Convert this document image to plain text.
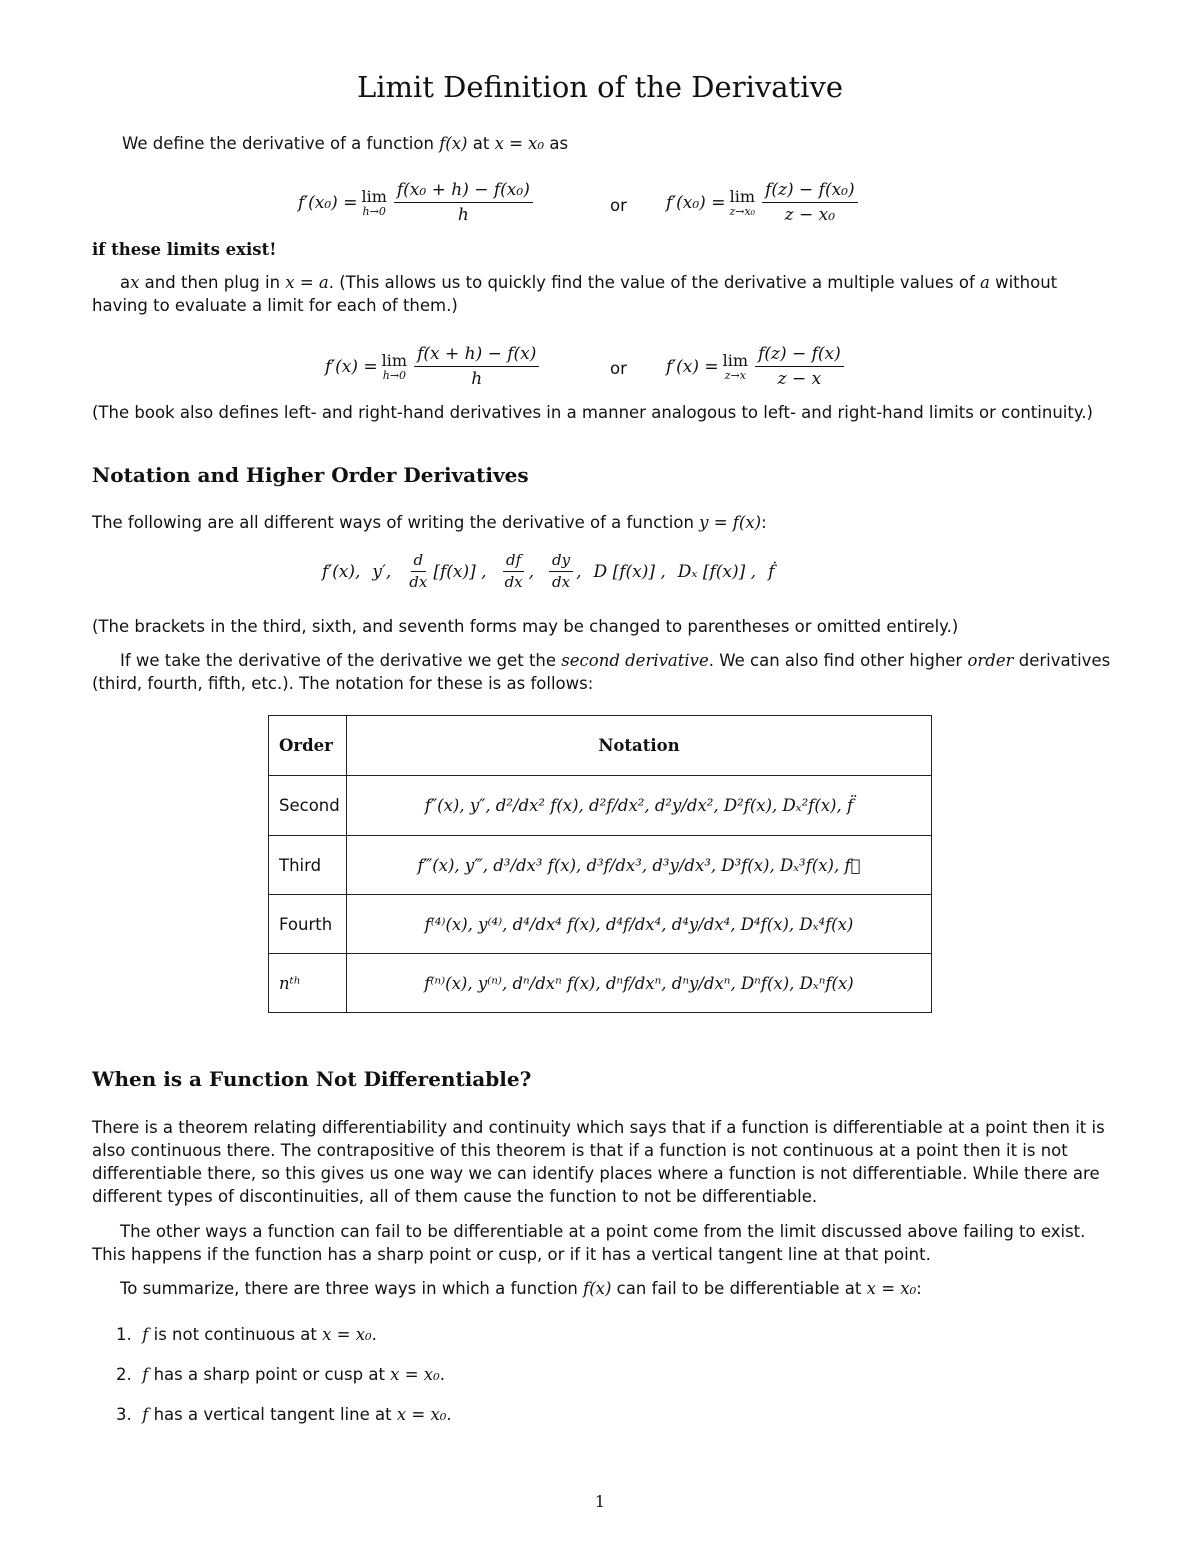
Limit Definition of the Derivative
We define the derivative of a function f(x) at x = x₀ as
f′(x₀) = lim
$h\to 0 \frac{\text{f(x₀ + h) − f(x₀)}}{h}$	or f′(x₀) = lim
$z\to x_0 \frac{\text{f(z) − f(x₀)}}{\text{z − x₀}}$
if these limits exist!
ax and then plug in x = a. (This allows us to quickly find the value of the derivative a multiple values of a without having to evaluate a limit for each of them.)
f′(x) = lim
$h\to 0 \frac{f(x + h) - f(x)}{h}$	or f′(x) = lim
$z\to x \frac{f(z) - f(x)}{z - x}$
(The book also defines left- and right-hand derivatives in a manner analogous to left- and right-hand limits or continuity.)
Notation and Higher Order Derivatives
The following are all different ways of writing the derivative of a function y = f(x):
f′(x), y′, $\frac{d}{dx} [f(x)]$ , $\frac{df}{dx}$ , $\frac{dy}{dx}$ , D [f(x)] , Dₓ [f(x)] , ḟ
(The brackets in the third, sixth, and seventh forms may be changed to parentheses or omitted entirely.)
If we take the derivative of the derivative we get the second derivative. We can also find other higher order derivatives (third, fourth, fifth, etc.). The notation for these is as follows:
Order	Notation
Second	f″(x), y″, d²/dx² f(x), d²f/dx², d²y/dx², D²f(x), Dₓ²f(x), f̈
Third	f‴(x), y‴, d³/dx³ f(x), d³f/dx³, d³y/dx³, D³f(x), Dₓ³f(x), f⃛
Fourth	f⁽⁴⁾(x), y⁽⁴⁾, d⁴/dx⁴ f(x), d⁴f/dx⁴, d⁴y/dx⁴, D⁴f(x), Dₓ⁴f(x)
nᵗʰ	f⁽ⁿ⁾(x), y⁽ⁿ⁾, dⁿ/dxⁿ f(x), dⁿf/dxⁿ, dⁿy/dxⁿ, Dⁿf(x), Dₓⁿf(x)
When is a Function Not Differentiable?
There is a theorem relating differentiability and continuity which says that if a function is differentiable at a point then it is also continuous there. The contrapositive of this theorem is that if a function is not continuous at a point then it is not differentiable there, so this gives us one way we can identify places where a function is not differentiable. While there are different types of discontinuities, all of them cause the function to not be differentiable.
The other ways a function can fail to be differentiable at a point come from the limit discussed above failing to exist. This happens if the function has a sharp point or cusp, or if it has a vertical tangent line at that point.
To summarize, there are three ways in which a function f(x) can fail to be differentiable at x = x₀:
1. f is not continuous at x = x₀.
2. f has a sharp point or cusp at x = x₀.
3. f has a vertical tangent line at x = x₀.
1
